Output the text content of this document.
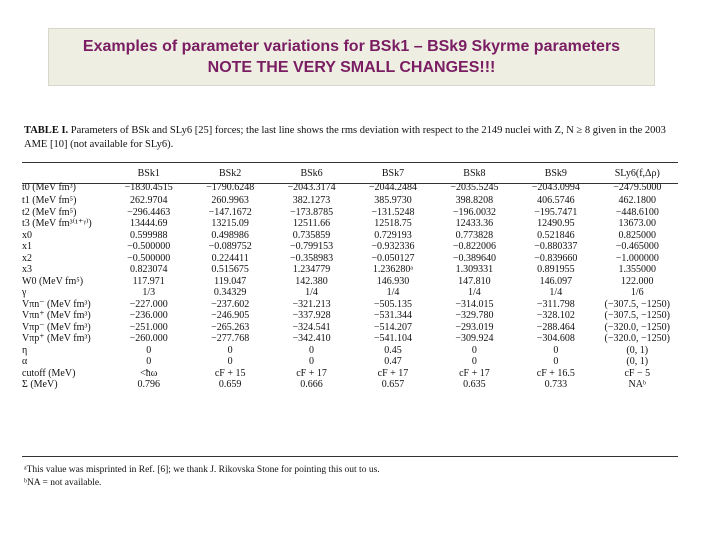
Examples of parameter variations for BSk1 – BSk9 Skyrme parameters
NOTE THE VERY SMALL CHANGES!!!
TABLE I. Parameters of BSk and SLy6 [25] forces; the last line shows the rms deviation with respect to the 2149 nuclei with Z, N ≥ 8 given in the 2003 AME [10] (not available for SLy6).
	BSk1	BSk2	BSk6	BSk7	BSk8	BSk9	SLy6(f,Δρ)
t0 (MeV fm³)	−1830.4515	−1790.6248	−2043.3174	−2044.2484	−2035.5245	−2043.0994	−2479.5000
t1 (MeV fm⁵)	262.9704	260.9963	382.1273	385.9730	398.8208	406.5746	462.1800
t2 (MeV fm⁵)	−296.4463	−147.1672	−173.8785	−131.5248	−196.0032	−195.7471	−448.6100
t3 (MeV fm³⁽¹⁺ᵞ⁾)	13444.69	13215.09	12511.66	12518.75	12433.36	12490.95	13673.00
x0	0.599988	0.498986	0.735859	0.729193	0.773828	0.521846	0.825000
x1	−0.500000	−0.089752	−0.799153	−0.932336	−0.822006	−0.880337	−0.465000
x2	−0.500000	0.224411	−0.358983	−0.050127	−0.389640	−0.839660	−1.000000
x3	0.823074	0.515675	1.234779	1.236280ᵃ	1.309331	0.891955	1.355000
W0 (MeV fm⁵)	117.971	119.047	142.380	146.930	147.810	146.097	122.000
γ	1/3	0.34329	1/4	1/4	1/4	1/4	1/6
Vπn⁻ (MeV fm³)	−227.000	−237.602	−321.213	−505.135	−314.015	−311.798	(−307.5, −1250)
Vπn⁺ (MeV fm³)	−236.000	−246.905	−337.928	−531.344	−329.780	−328.102	(−307.5, −1250)
Vπp⁻ (MeV fm³)	−251.000	−265.263	−324.541	−514.207	−293.019	−288.464	(−320.0, −1250)
Vπp⁺ (MeV fm³)	−260.000	−277.768	−342.410	−541.104	−309.924	−304.608	(−320.0, −1250)
η	0	0	0	0.45	0	0	(0, 1)
α	0	0	0	0.47	0	0	(0, 1)
cutoff (MeV)	<ħω	cF + 15	cF + 17	cF + 17	cF + 17	cF + 16.5	cF − 5
Σ (MeV)	0.796	0.659	0.666	0.657	0.635	0.733	NAᵇ
ᵃThis value was misprinted in Ref. [6]; we thank J. Rikovska Stone for pointing this out to us.
ᵇNA = not available.
